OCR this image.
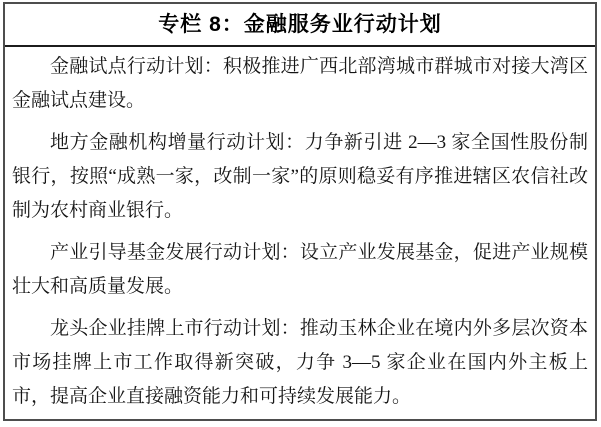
专栏 8：金融服务业行动计划

金融试点行动计划：积极推进广西北部湾城市群城市对接大湾区金融试点建设。

地方金融机构增量行动计划：力争新引进 2—3 家全国性股份制银行，按照“成熟一家，改制一家”的原则稳妥有序推进辖区农信社改制为农村商业银行。

产业引导基金发展行动计划：设立产业发展基金，促进产业规模壮大和高质量发展。

龙头企业挂牌上市行动计划：推动玉林企业在境内外多层次资本市场挂牌上市工作取得新突破，力争 3—5 家企业在国内外主板上市，提高企业直接融资能力和可持续发展能力。
